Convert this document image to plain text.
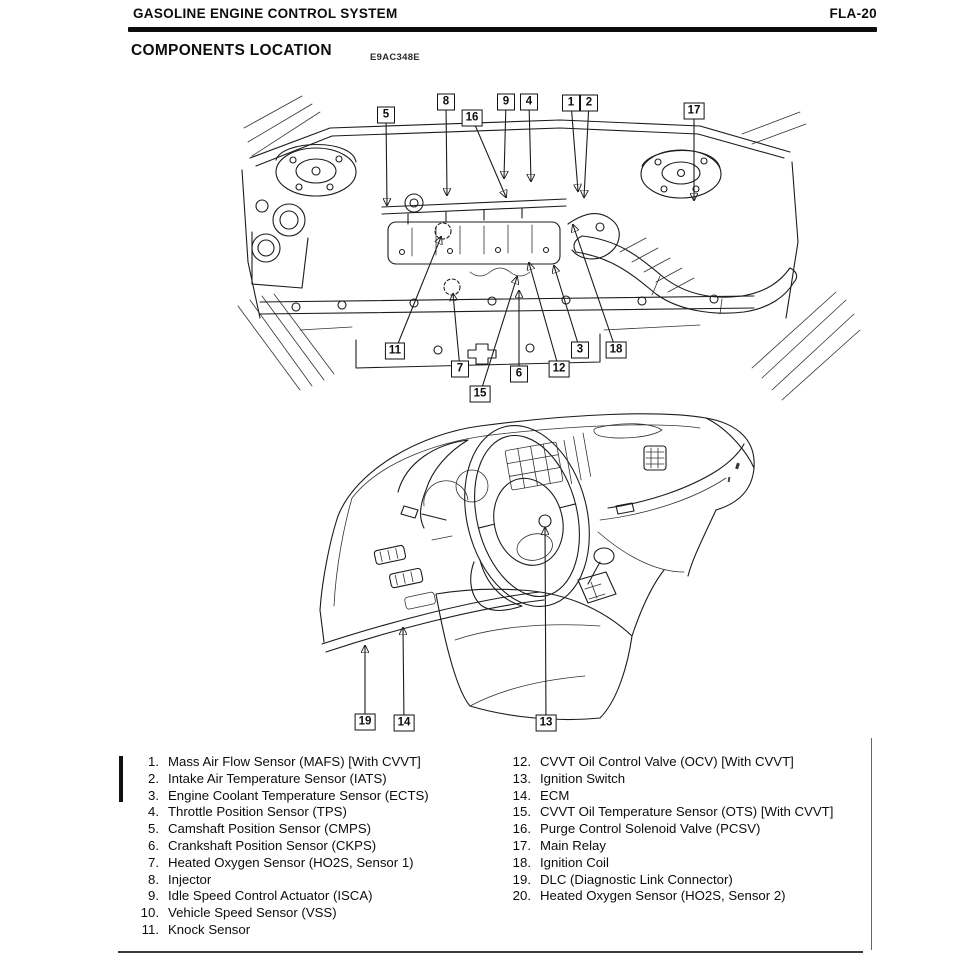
GASOLINE ENGINE CONTROL SYSTEM	FLA-20
COMPONENTS LOCATION	E9AC348E
5
8
16
9	4	1	2
17
11
7
15
6	12
3	18
19	14	13
1. Mass Air Flow Sensor (MAFS) [With CVVT]
2. Intake Air Temperature Sensor (IATS)
3. Engine Coolant Temperature Sensor (ECTS)
4. Throttle Position Sensor (TPS)
5. Camshaft Position Sensor (CMPS)
6. Crankshaft Position Sensor (CKPS)
7. Heated Oxygen Sensor (HO2S, Sensor 1)
8. Injector
9. Idle Speed Control Actuator (ISCA)
10. Vehicle Speed Sensor (VSS)
11. Knock Sensor
12. CVVT Oil Control Valve (OCV) [With CVVT]
13. Ignition Switch
14. ECM
15. CVVT Oil Temperature Sensor (OTS) [With CVVT]
16. Purge Control Solenoid Valve (PCSV)
17. Main Relay
18. Ignition Coil
19. DLC (Diagnostic Link Connector)
20. Heated Oxygen Sensor (HO2S, Sensor 2)
